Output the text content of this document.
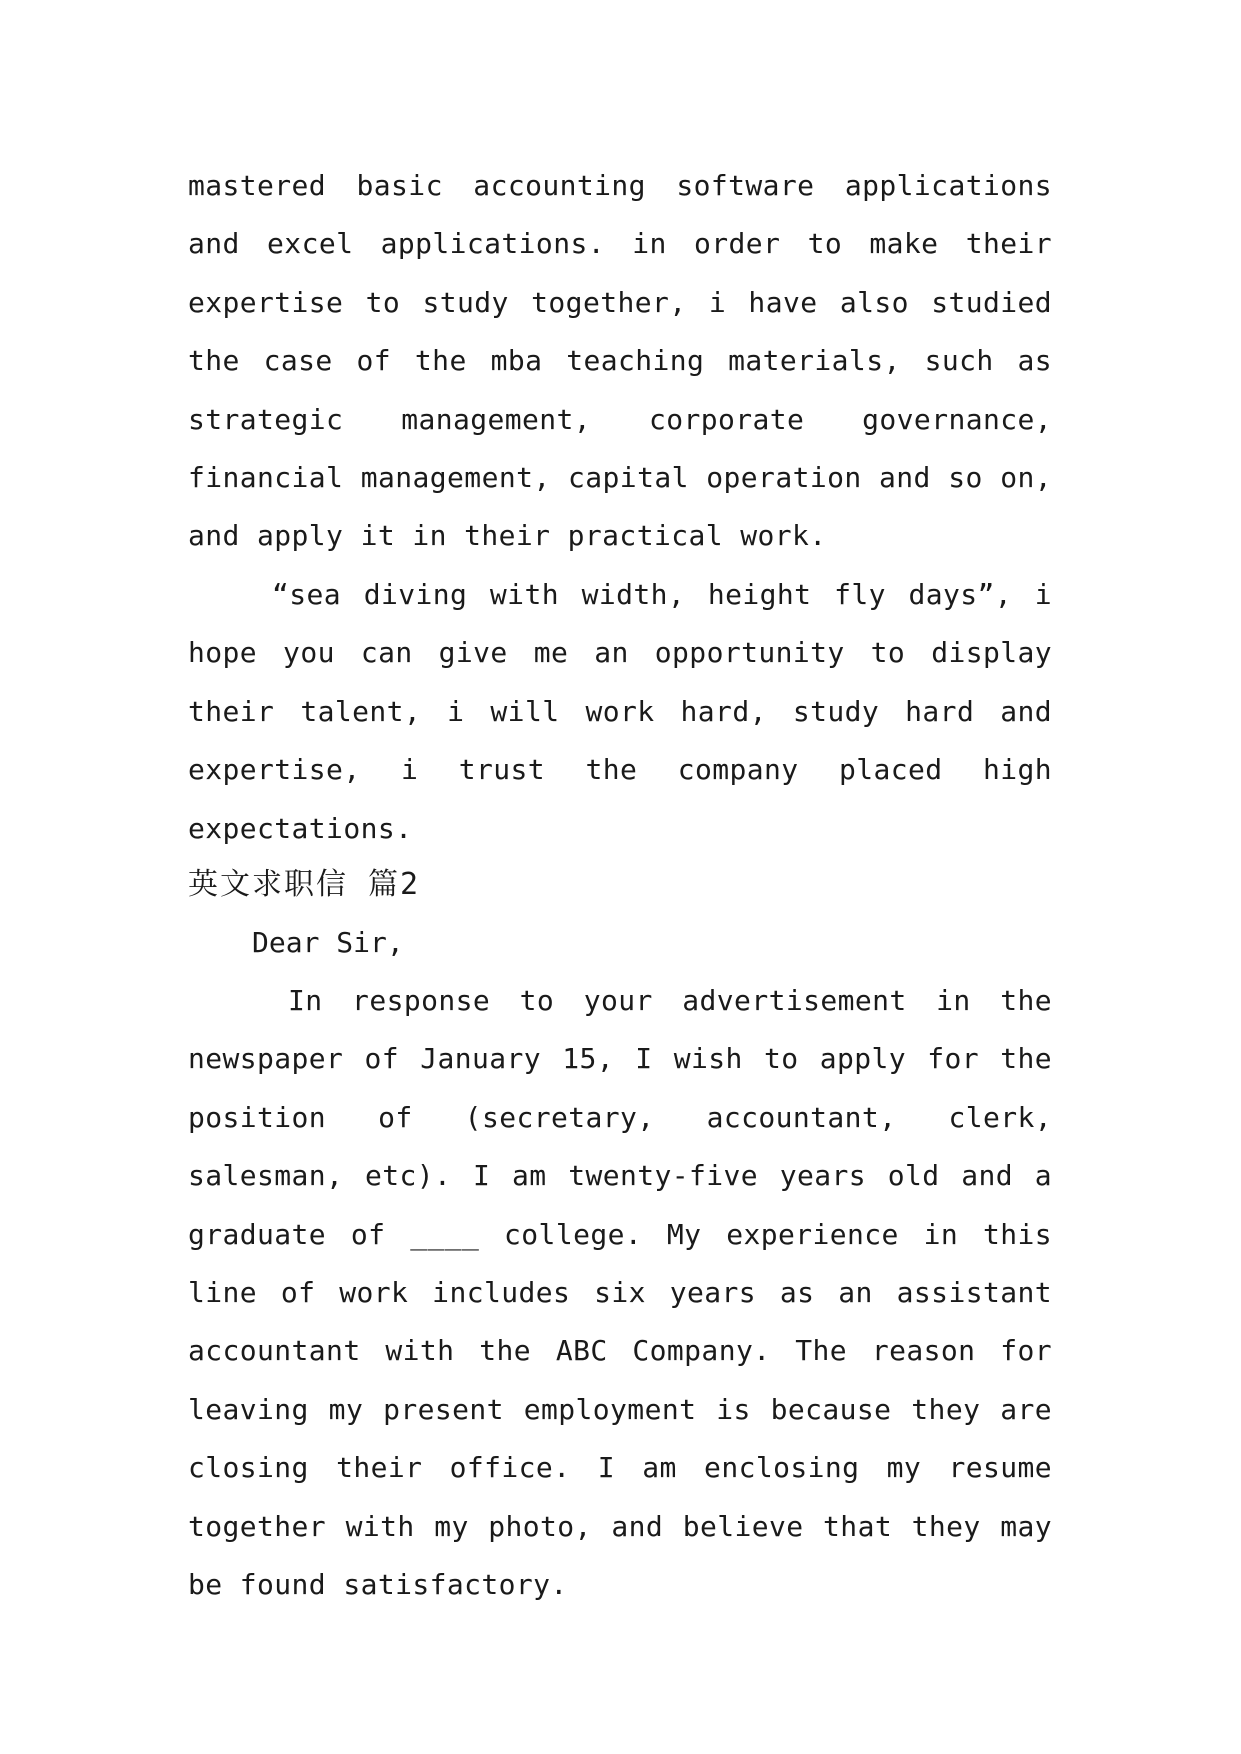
mastered basic accounting software applications and excel applications. in order to make their expertise to study together, i have also studied the case of the mba teaching materials, such as strategic management, corporate governance, financial management, capital operation and so on, and apply it in their practical work.
“sea diving with width, height fly days”, i hope you can give me an opportunity to display their talent, i will work hard, study hard and expertise, i trust the company placed high expectations.
英文求职信 篇2
Dear Sir,
In response to your advertisement in the newspaper of January 15, I wish to apply for the position of (secretary, accountant, clerk, salesman, etc). I am twenty-five years old and a graduate of ____ college. My experience in this line of work includes six years as an assistant accountant with the ABC Company. The reason for leaving my present employment is because they are closing their office. I am enclosing my resume together with my photo, and believe that they may be found satisfactory.
